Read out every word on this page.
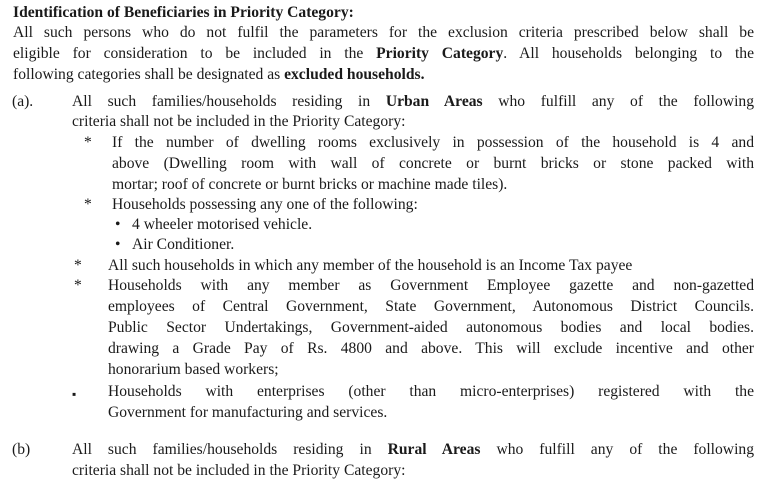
Identification of Beneficiaries in Priority Category:
All such persons who do not fulfil the parameters for the exclusion criteria prescribed below shall be
eligible for consideration to be included in the Priority Category. All households belonging to the
following categories shall be designated as excluded households.
(a). All such families/households residing in Urban Areas who fulfill any of the following
criteria shall not be included in the Priority Category:
* If the number of dwelling rooms exclusively in possession of the household is 4 and
above (Dwelling room with wall of concrete or burnt bricks or stone packed with
mortar; roof of concrete or burnt bricks or machine made tiles).
* Households possessing any one of the following:
• 4 wheeler motorised vehicle.
• Air Conditioner.
* All such households in which any member of the household is an Income Tax payee
* Households with any member as Government Employee gazette and non-gazetted
employees of Central Government, State Government, Autonomous District Councils.
Public Sector Undertakings, Government-aided autonomous bodies and local bodies.
drawing a Grade Pay of Rs. 4800 and above. This will exclude incentive and other
honorarium based workers;
▪ Households with enterprises (other than micro-enterprises) registered with the
Government for manufacturing and services.
(b)	All such families/households residing in Rural Areas who fulfill any of the following
criteria shall not be included in the Priority Category:
